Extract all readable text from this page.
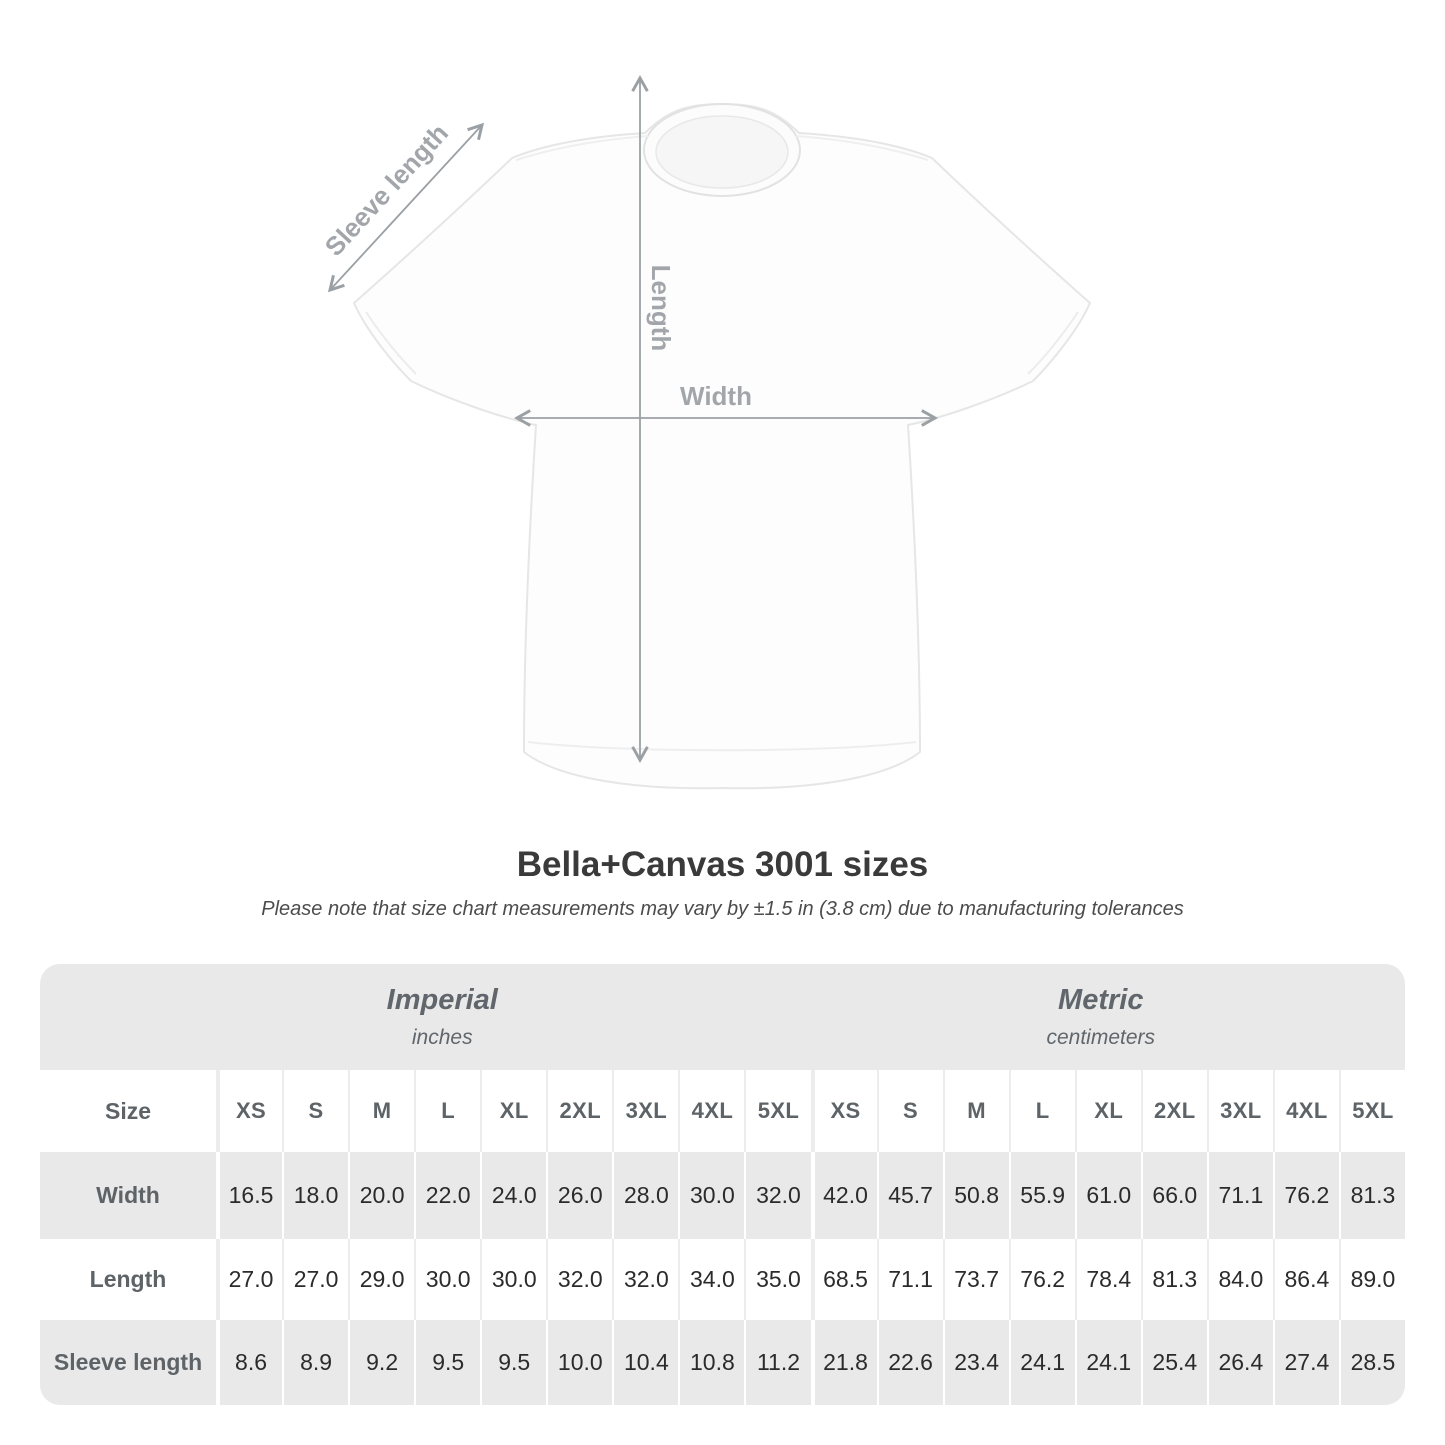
Sleeve length
Length
Width
Bella+Canvas 3001 sizes

Please note that size chart measurements may vary by ±1.5 in (3.8 cm) due to manufacturing tolerances

Imperial
inches
Metric
centimeters
Size	XS	S	M	L	XL	2XL	3XL	4XL	5XL	XS	S	M	L	XL	2XL	3XL	4XL	5XL
Width	16.5 18.0 20.0 22.0 24.0 26.0 28.0 30.0 32.0 42.0 45.7 50.8 55.9 61.0 66.0 71.1 76.2 81.3
Length	27.0 27.0 29.0 30.0 30.0 32.0 32.0 34.0 35.0 68.5 71.1 73.7 76.2 78.4 81.3 84.0 86.4 89.0
Sleeve length	8.6	8.9	9.2	9.5	9.5	10.0 10.4 10.8 11.2	21.8 22.6 23.4 24.1 24.1 25.4 26.4 27.4 28.5
